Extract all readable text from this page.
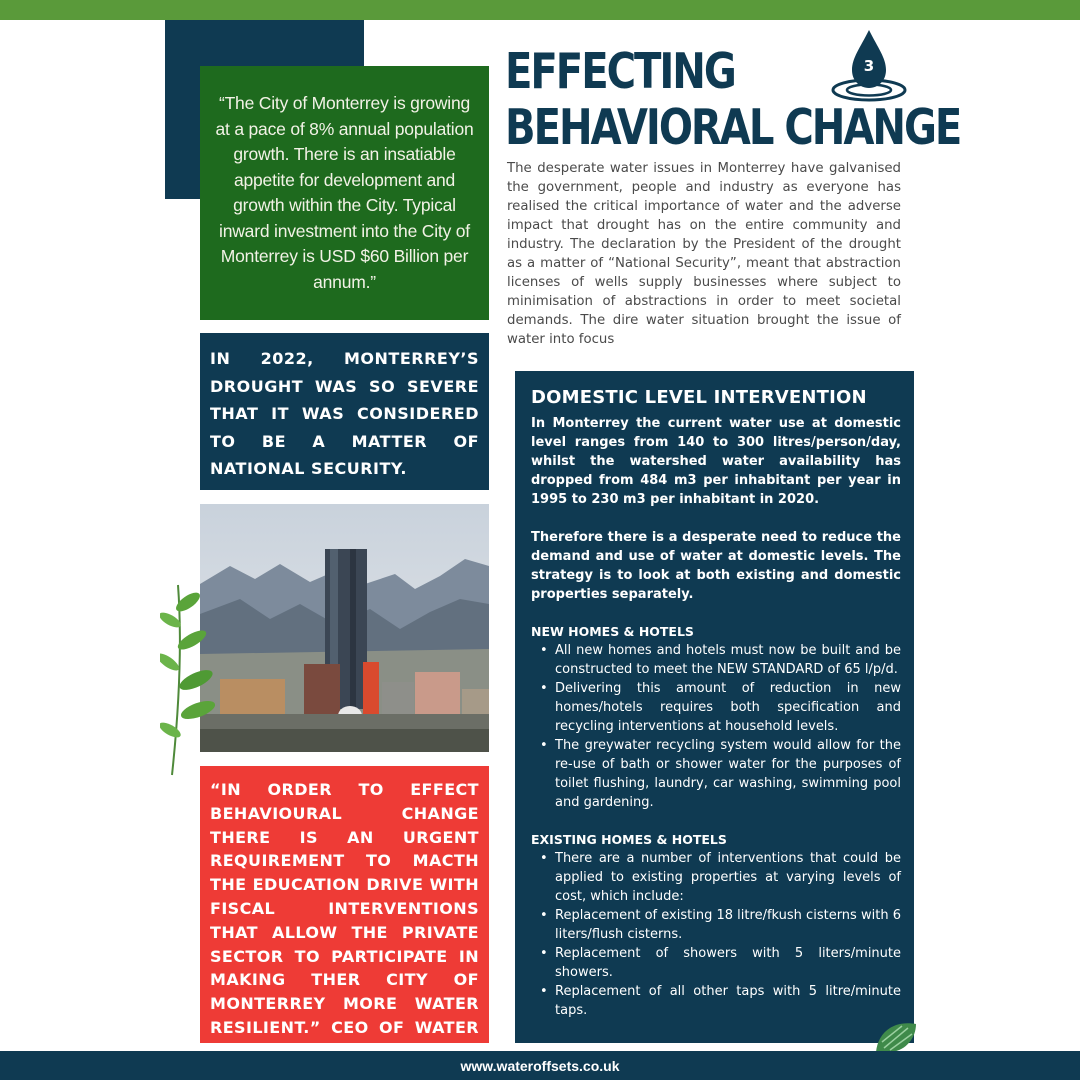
“The City of Monterrey is growing at a pace of 8% annual population growth. There is an insatiable appetite for development and growth within the City. Typical inward investment into the City of Monterrey is USD $60 Billion per annum.”

IN 2022, MONTERREY’S DROUGHT WAS SO SEVERE THAT IT WAS CONSIDERED TO BE A MATTER OF NATIONAL SECURITY.

“IN ORDER TO EFFECT BEHAVIOURAL CHANGE THERE IS AN URGENT REQUIREMENT TO MACTH THE EDUCATION DRIVE WITH FISCAL INTERVENTIONS THAT ALLOW THE PRIVATE SECTOR TO PARTICIPATE IN MAKING THER CITY OF MONTERREY MORE WATER RESILIENT.” CEO OF WATER

EFFECTING
BEHAVIORAL CHANGE
3

The desperate water issues in Monterrey have galvanised the government, people and industry as everyone has realised the critical importance of water and the adverse impact that drought has on the entire community and industry. The declaration by the President of the drought as a matter of “National Security”, meant that abstraction licenses of wells supply businesses where subject to minimisation of abstractions in order to meet societal demands. The dire water situation brought the issue of water into focus

DOMESTIC LEVEL INTERVENTION

In Monterrey the current water use at domestic level ranges from 140 to 300 litres/person/day, whilst the watershed water availability has dropped from 484 m3 per inhabitant per year in 1995 to 230 m3 per inhabitant in 2020.

Therefore there is a desperate need to reduce the demand and use of water at domestic levels. The strategy is to look at both existing and domestic properties separately.

NEW HOMES & HOTELS
• All new homes and hotels must now be built and be constructed to meet the NEW STANDARD of 65 l/p/d.
• Delivering this amount of reduction in new homes/hotels requires both specification and recycling interventions at household levels.
• The greywater recycling system would allow for the re-use of bath or shower water for the purposes of toilet flushing, laundry, car washing, swimming pool and gardening.
EXISTING HOMES & HOTELS
• There are a number of interventions that could be applied to existing properties at varying levels of cost, which include:
• Replacement of existing 18 litre/fkush cisterns with 6 liters/flush cisterns.
• Replacement of showers with 5 liters/minute showers.
• Replacement of all other taps with 5 litre/minute taps.
www.wateroffsets.co.uk
